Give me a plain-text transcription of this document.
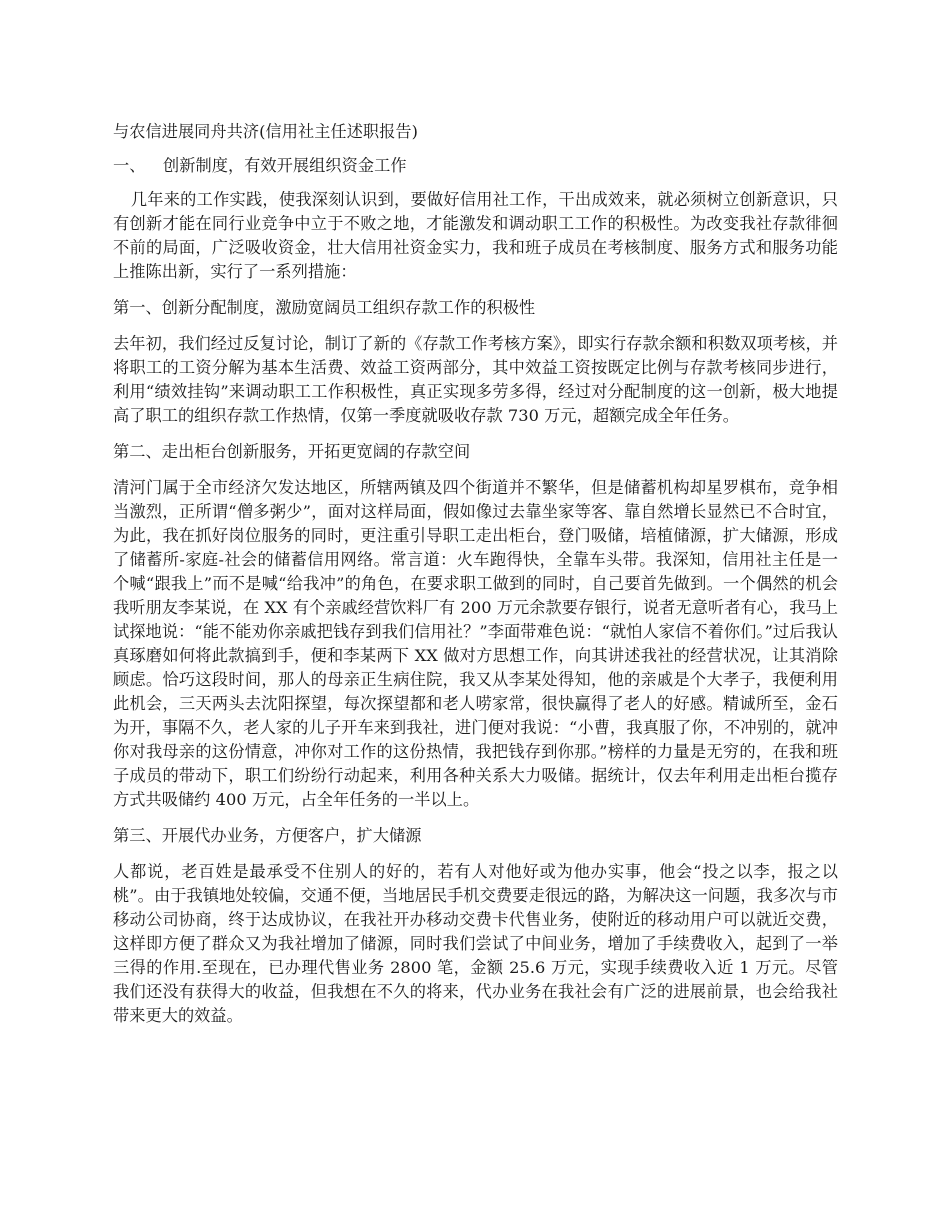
与农信进展同舟共济(信用社主任述职报告)

一、 创新制度，有效开展组织资金工作

几年来的工作实践，使我深刻认识到，要做好信用社工作，干出成效来，就必须树立创新意识，只有创新才能在同行业竞争中立于不败之地，才能激发和调动职工工作的积极性。为改变我社存款徘徊不前的局面，广泛吸收资金，壮大信用社资金实力，我和班子成员在考核制度、服务方式和服务功能上推陈出新，实行了一系列措施：

第一、创新分配制度，激励宽阔员工组织存款工作的积极性

去年初，我们经过反复讨论，制订了新的《存款工作考核方案》，即实行存款余额和积数双项考核，并将职工的工资分解为基本生活费、效益工资两部分，其中效益工资按既定比例与存款考核同步进行，利用“绩效挂钩”来调动职工工作积极性，真正实现多劳多得，经过对分配制度的这一创新，极大地提高了职工的组织存款工作热情，仅第一季度就吸收存款 730 万元，超额完成全年任务。

第二、走出柜台创新服务，开拓更宽阔的存款空间

清河门属于全市经济欠发达地区，所辖两镇及四个街道并不繁华，但是储蓄机构却星罗棋布，竞争相当激烈，正所谓“僧多粥少”，面对这样局面，假如像过去靠坐家等客、靠自然增长显然已不合时宜，为此，我在抓好岗位服务的同时，更注重引导职工走出柜台，登门吸储，培植储源，扩大储源，形成了储蓄所-家庭-社会的储蓄信用网络。常言道：火车跑得快，全靠车头带。我深知，信用社主任是一个喊“跟我上”而不是喊“给我冲”的角色，在要求职工做到的同时，自己要首先做到。一个偶然的机会我听朋友李某说，在 XX 有个亲戚经营饮料厂有 200 万元余款要存银行，说者无意听者有心，我马上试探地说：“能不能劝你亲戚把钱存到我们信用社？”李面带难色说：“就怕人家信不着你们。”过后我认真琢磨如何将此款搞到手，便和李某两下 XX 做对方思想工作，向其讲述我社的经营状况，让其消除顾虑。恰巧这段时间，那人的母亲正生病住院，我又从李某处得知，他的亲戚是个大孝子，我便利用此机会，三天两头去沈阳探望，每次探望都和老人唠家常，很快赢得了老人的好感。精诚所至，金石为开，事隔不久，老人家的儿子开车来到我社，进门便对我说：“小曹，我真服了你，不冲别的，就冲你对我母亲的这份情意，冲你对工作的这份热情，我把钱存到你那。”榜样的力量是无穷的，在我和班子成员的带动下，职工们纷纷行动起来，利用各种关系大力吸储。据统计，仅去年利用走出柜台揽存方式共吸储约 400 万元，占全年任务的一半以上。

第三、开展代办业务，方便客户，扩大储源

人都说，老百姓是最承受不住别人的好的，若有人对他好或为他办实事，他会“投之以李，报之以桃”。由于我镇地处较偏，交通不便，当地居民手机交费要走很远的路，为解决这一问题，我多次与市移动公司协商，终于达成协议，在我社开办移动交费卡代售业务，使附近的移动用户可以就近交费，这样即方便了群众又为我社增加了储源，同时我们尝试了中间业务，增加了手续费收入，起到了一举三得的作用.至现在，已办理代售业务 2800 笔，金额 25.6 万元，实现手续费收入近 1 万元。尽管我们还没有获得大的收益，但我想在不久的将来，代办业务在我社会有广泛的进展前景，也会给我社带来更大的效益。
